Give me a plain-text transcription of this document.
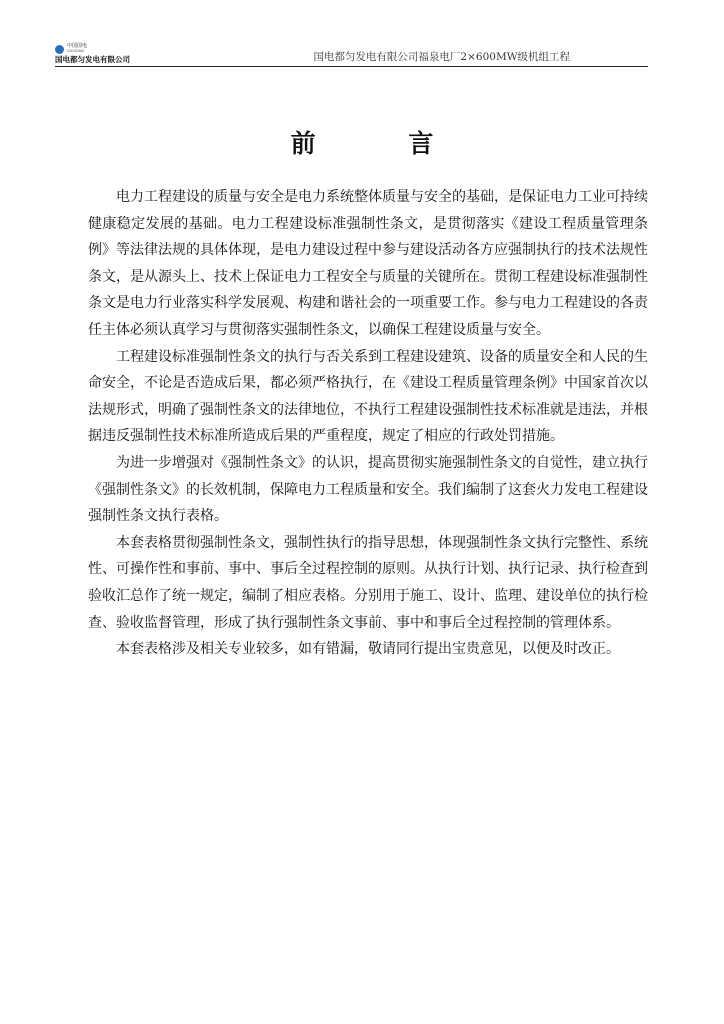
中国国电
GUODIAN
国电都匀发电有限公司	国电都匀发电有限公司福泉电厂2×600MW级机组工程
前 言

电力工程建设的质量与安全是电力系统整体质量与安全的基础，是保证电力工业可持续健康稳定发展的基础。电力工程建设标准强制性条文，是贯彻落实《建设工程质量管理条例》等法律法规的具体体现，是电力建设过程中参与建设活动各方应强制执行的技术法规性条文，是从源头上、技术上保证电力工程安全与质量的关键所在。贯彻工程建设标准强制性条文是电力行业落实科学发展观、构建和谐社会的一项重要工作。参与电力工程建设的各责任主体必须认真学习与贯彻落实强制性条文，以确保工程建设质量与安全。

工程建设标准强制性条文的执行与否关系到工程建设建筑、设备的质量安全和人民的生命安全，不论是否造成后果，都必须严格执行，在《建设工程质量管理条例》中国家首次以法规形式，明确了强制性条文的法律地位，不执行工程建设强制性技术标准就是违法，并根据违反强制性技术标准所造成后果的严重程度，规定了相应的行政处罚措施。

为进一步增强对《强制性条文》的认识，提高贯彻实施强制性条文的自觉性，建立执行《强制性条文》的长效机制，保障电力工程质量和安全。我们编制了这套火力发电工程建设强制性条文执行表格。

本套表格贯彻强制性条文，强制性执行的指导思想，体现强制性条文执行完整性、系统性、可操作性和事前、事中、事后全过程控制的原则。从执行计划、执行记录、执行检查到验收汇总作了统一规定，编制了相应表格。分别用于施工、设计、监理、建设单位的执行检查、验收监督管理，形成了执行强制性条文事前、事中和事后全过程控制的管理体系。

本套表格涉及相关专业较多，如有错漏，敬请同行提出宝贵意见，以便及时改正。
